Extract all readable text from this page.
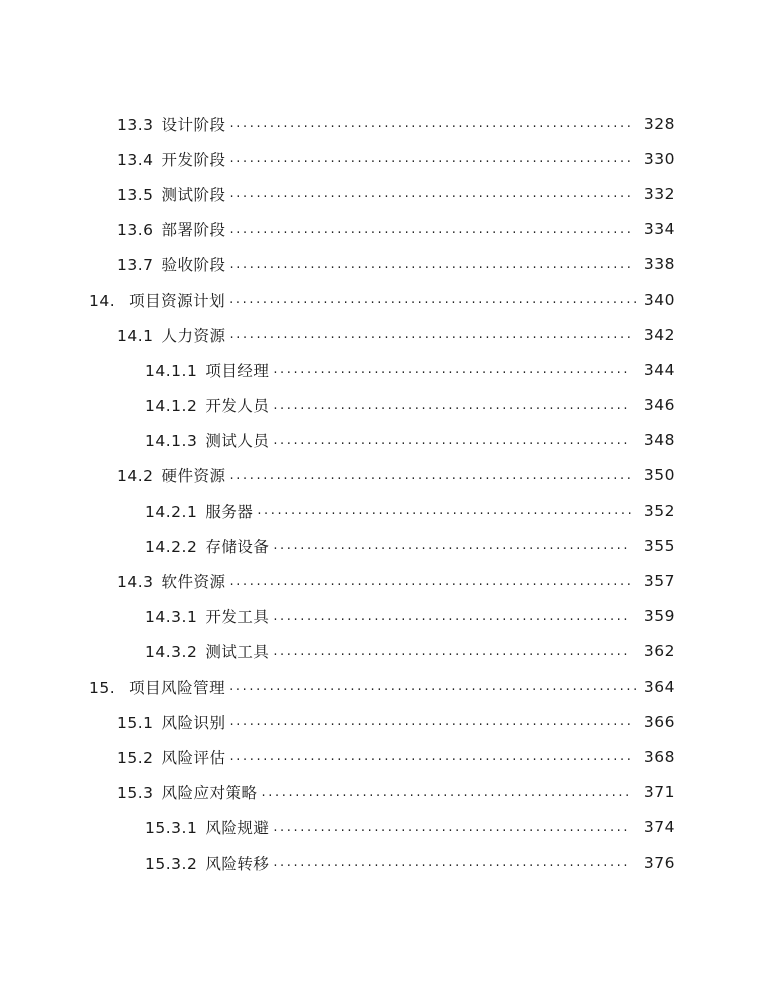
13.3 设计阶段 .....	328
13.4 开发阶段 .....	330
13.5 测试阶段 .....	332
13.6 部署阶段 .....	334
13.7 验收阶段 .....	338
14. 项目资源计划 .....	340
14.1 人力资源 .....	342
14.1.1 项目经理 .....	344
14.1.2 开发人员 .....	346
14.1.3 测试人员 .....	348
14.2 硬件资源 .....	350
14.2.1 服务器 .....	352
14.2.2 存储设备 .....	355
14.3 软件资源 .....	357
14.3.1 开发工具 .....	359
14.3.2 测试工具 .....	362
15. 项目风险管理 .....	364
15.1 风险识别 .....	366
15.2 风险评估 .....	368
15.3 风险应对策略 .....	371
15.3.1 风险规避 .....	374
15.3.2 风险转移 .....	376
